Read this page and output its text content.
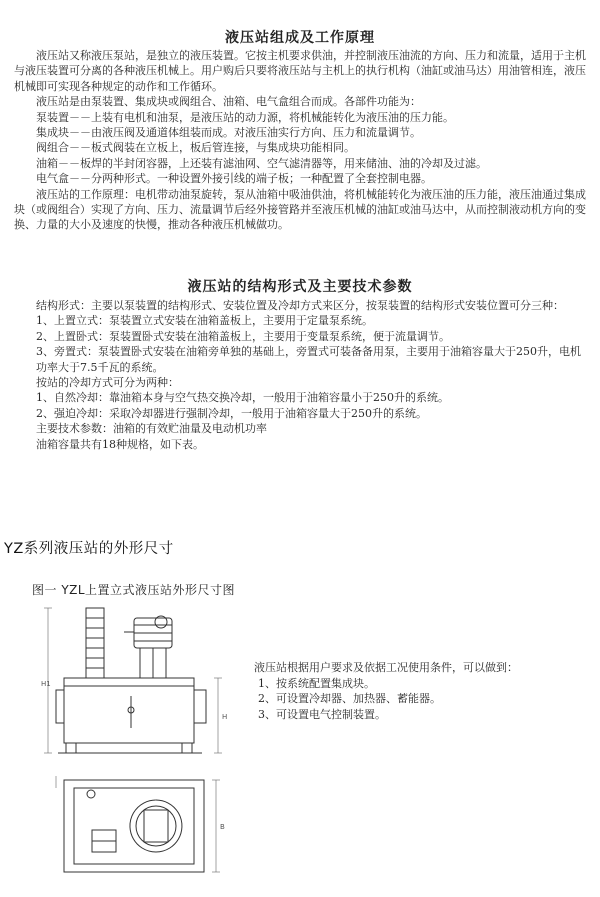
液压站组成及工作原理

液压站又称液压泵站，是独立的液压装置。它按主机要求供油，并控制液压油流的方向、压力和流量，适用于主机与液压装置可分离的各种液压机械上。用户购后只要将液压站与主机上的执行机构（油缸或油马达）用油管相连，液压机械即可实现各种规定的动作和工作循环。

液压站是由泵装置、集成块或阀组合、油箱、电气盒组合而成。各部件功能为：

泵装置－－上装有电机和油泵，是液压站的动力源，将机械能转化为液压油的压力能。

集成块－－由液压阀及通道体组装而成。对液压油实行方向、压力和流量调节。

阀组合－－板式阀装在立板上，板后管连接，与集成块功能相同。

油箱－－板焊的半封闭容器，上还装有滤油网、空气滤清器等，用来储油、油的冷却及过滤。

电气盒－－分两种形式。一种设置外接引线的端子板；一种配置了全套控制电器。

液压站的工作原理：电机带动油泵旋转，泵从油箱中吸油供油，将机械能转化为液压油的压力能，液压油通过集成块（或阀组合）实现了方向、压力、流量调节后经外接管路并至液压机械的油缸或油马达中，从而控制液动机方向的变换、力量的大小及速度的快慢，推动各种液压机械做功。

液压站的结构形式及主要技术参数

结构形式：主要以泵装置的结构形式、安装位置及冷却方式来区分，按泵装置的结构形式安装位置可分三种：

1、上置立式：泵装置立式安装在油箱盖板上，主要用于定量泵系统。

2、上置卧式：泵装置卧式安装在油箱盖板上，主要用于变量泵系统，便于流量调节。

3、旁置式：泵装置卧式安装在油箱旁单独的基础上，旁置式可装备备用泵，主要用于油箱容量大于250升，电机功率大于7.5千瓦的系统。

按站的冷却方式可分为两种：

1、自然冷却：靠油箱本身与空气热交换冷却，一般用于油箱容量小于250升的系统。

2、强迫冷却：采取冷却器进行强制冷却，一般用于油箱容量大于250升的系统。

主要技术参数：油箱的有效贮油量及电动机功率

油箱容量共有18种规格，如下表。

YZ系列液压站的外形尺寸
图一 YZL上置立式液压站外形尺寸图
H1
H
B
液压站根据用户要求及依据工况使用条件，可以做到：
1、按系统配置集成块。
2、可设置冷却器、加热器、蓄能器。
3、可设置电气控制装置。
